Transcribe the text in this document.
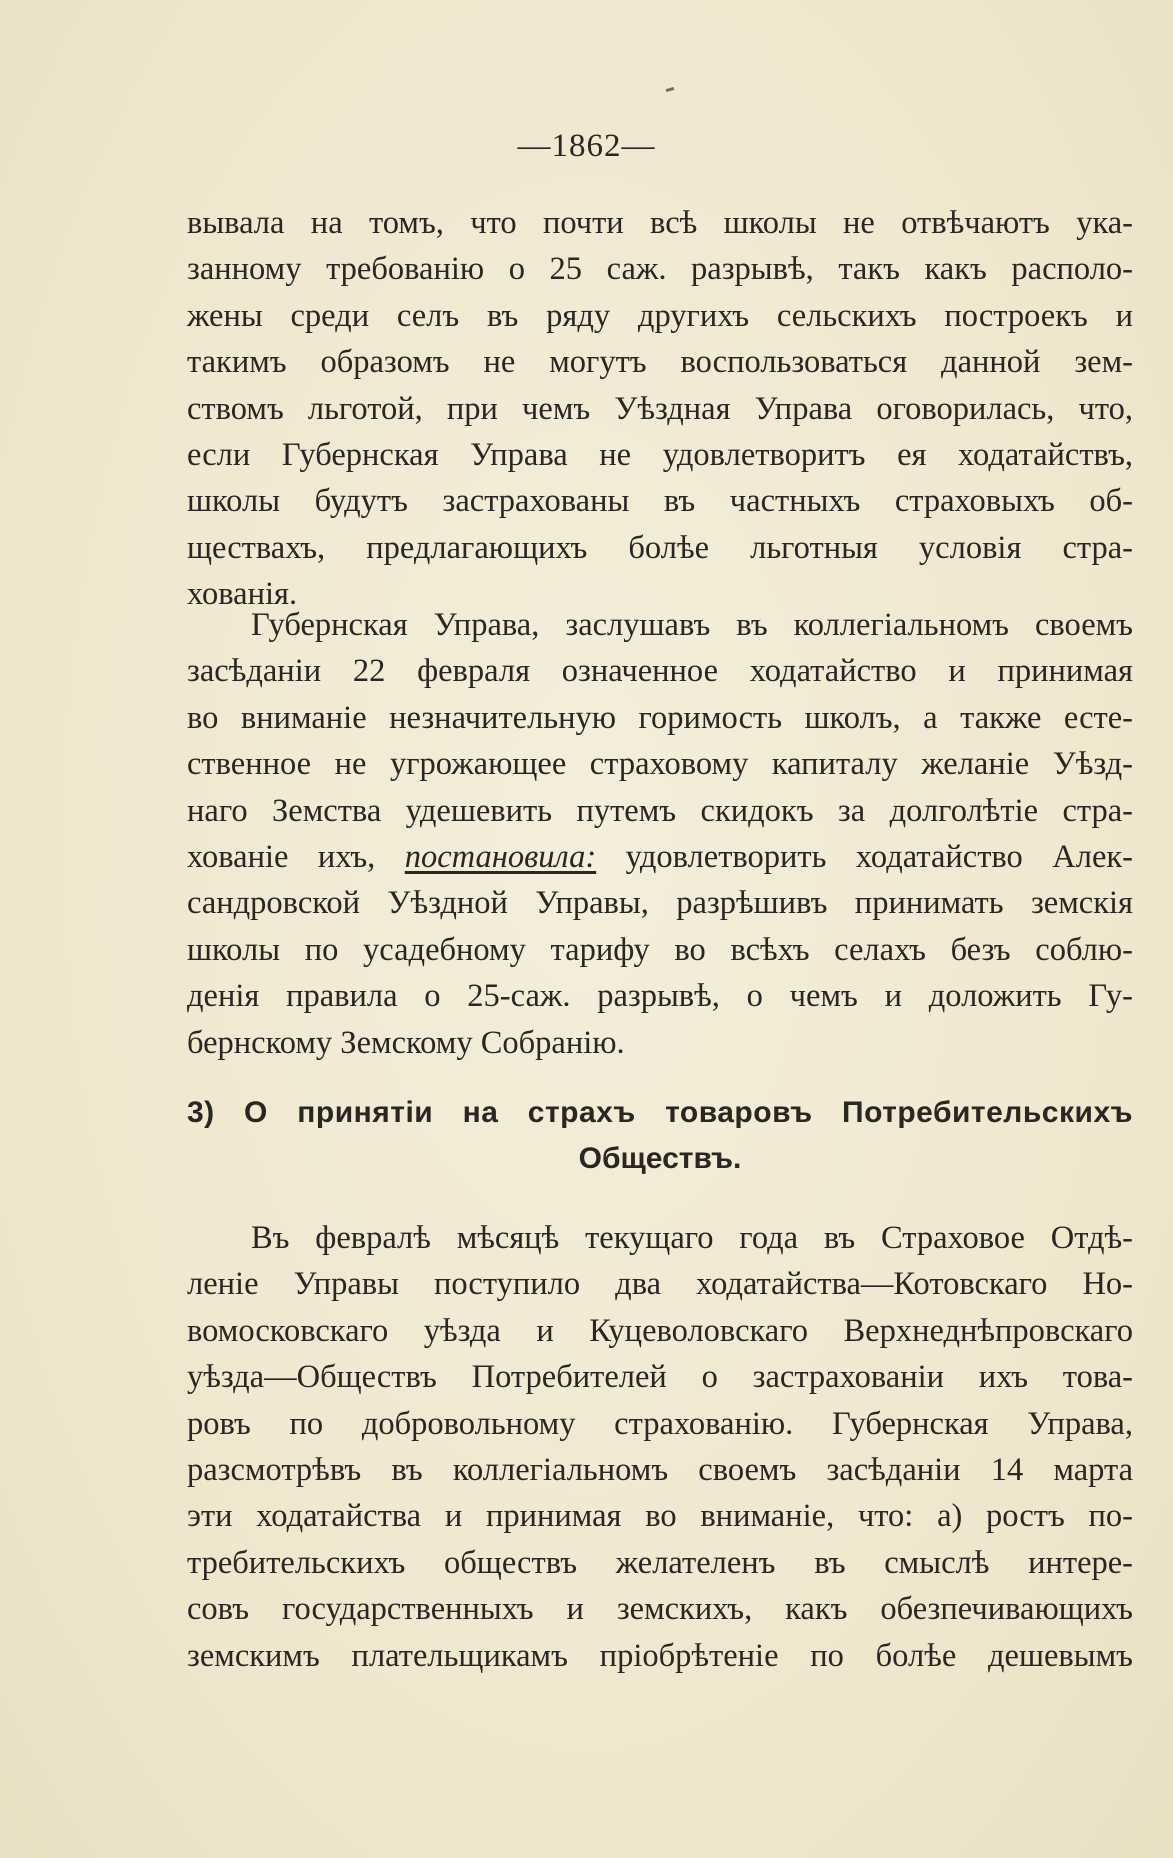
—1862—
вывала на томъ, что почти всѣ школы не отвѣчаютъ ука-
занному требованію о 25 саж. разрывѣ, такъ какъ располо-
жены среди селъ въ ряду другихъ сельскихъ построекъ и
такимъ образомъ не могутъ воспользоваться данной зем-
ствомъ льготой, при чемъ Уѣздная Управа оговорилась, что,
если Губернская Управа не удовлетворитъ ея ходатайствъ,
школы будутъ застрахованы въ частныхъ страховыхъ об-
ществахъ, предлагающихъ болѣе льготныя условія стра-
хованія.
Губернская Управа, заслушавъ въ коллегіальномъ своемъ
засѣданіи 22 февраля означенное ходатайство и принимая
во вниманіе незначительную горимость школъ, а также есте-
ственное не угрожающее страховому капиталу желаніе Уѣзд-
наго Земства удешевить путемъ скидокъ за долголѣтіе стра-
хованіе ихъ, постановила: удовлетворить ходатайство Алек-
сандровской Уѣздной Управы, разрѣшивъ принимать земскія
школы по усадебному тарифу во всѣхъ селахъ безъ соблю-
денія правила о 25-саж. разрывѣ, о чемъ и доложить Гу-
бернскому Земскому Собранію.
3) О принятіи на страхъ товаровъ Потребительскихъ
Обществъ.
Въ февралѣ мѣсяцѣ текущаго года въ Страховое Отдѣ-
леніе Управы поступило два ходатайства—Котовскаго Но-
вомосковскаго уѣзда и Куцеволовскаго Верхнеднѣпровскаго
уѣзда—Обществъ Потребителей о застрахованіи ихъ това-
ровъ по добровольному страхованію. Губернская Управа,
разсмотрѣвъ въ коллегіальномъ своемъ засѣданіи 14 марта
эти ходатайства и принимая во вниманіе, что: а) ростъ по-
требительскихъ обществъ желателенъ въ смыслѣ интере-
совъ государственныхъ и земскихъ, какъ обезпечивающихъ
земскимъ плательщикамъ пріобрѣтеніе по болѣе дешевымъ
